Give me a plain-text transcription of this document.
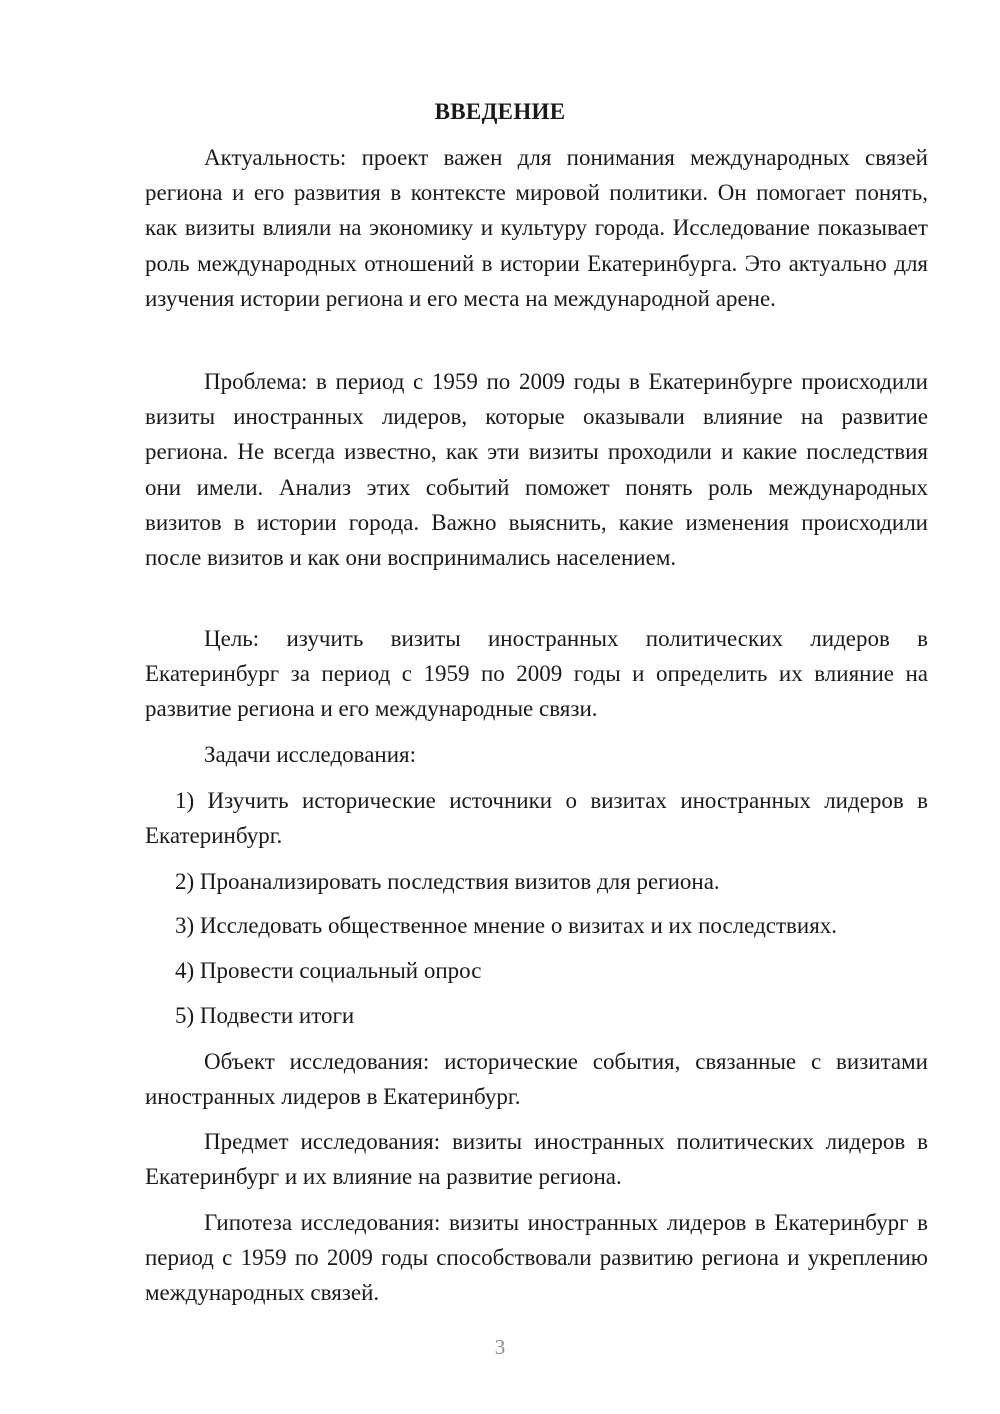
ВВЕДЕНИЕ

Актуальность: проект важен для понимания международных связей региона и его развития в контексте мировой политики. Он помогает понять, как визиты влияли на экономику и культуру города. Исследование показывает роль международных отношений в истории Екатеринбурга. Это актуально для изучения истории региона и его места на международной арене.

Проблема: в период с 1959 по 2009 годы в Екатеринбурге происходили визиты иностранных лидеров, которые оказывали влияние на развитие региона. Не всегда известно, как эти визиты проходили и какие последствия они имели. Анализ этих событий поможет понять роль международных визитов в истории города. Важно выяснить, какие изменения происходили после визитов и как они воспринимались населением.

Цель: изучить визиты иностранных политических лидеров в Екатеринбург за период с 1959 по 2009 годы и определить их влияние на развитие региона и его международные связи.

Задачи исследования:

1) Изучить исторические источники о визитах иностранных лидеров в Екатеринбург.

2) Проанализировать последствия визитов для региона.

3) Исследовать общественное мнение о визитах и их последствиях.

4) Провести социальный опрос

5) Подвести итоги

Объект исследования: исторические события, связанные с визитами иностранных лидеров в Екатеринбург.

Предмет исследования: визиты иностранных политических лидеров в Екатеринбург и их влияние на развитие региона.

Гипотеза исследования: визиты иностранных лидеров в Екатеринбург в период с 1959 по 2009 годы способствовали развитию региона и укреплению международных связей.

3
